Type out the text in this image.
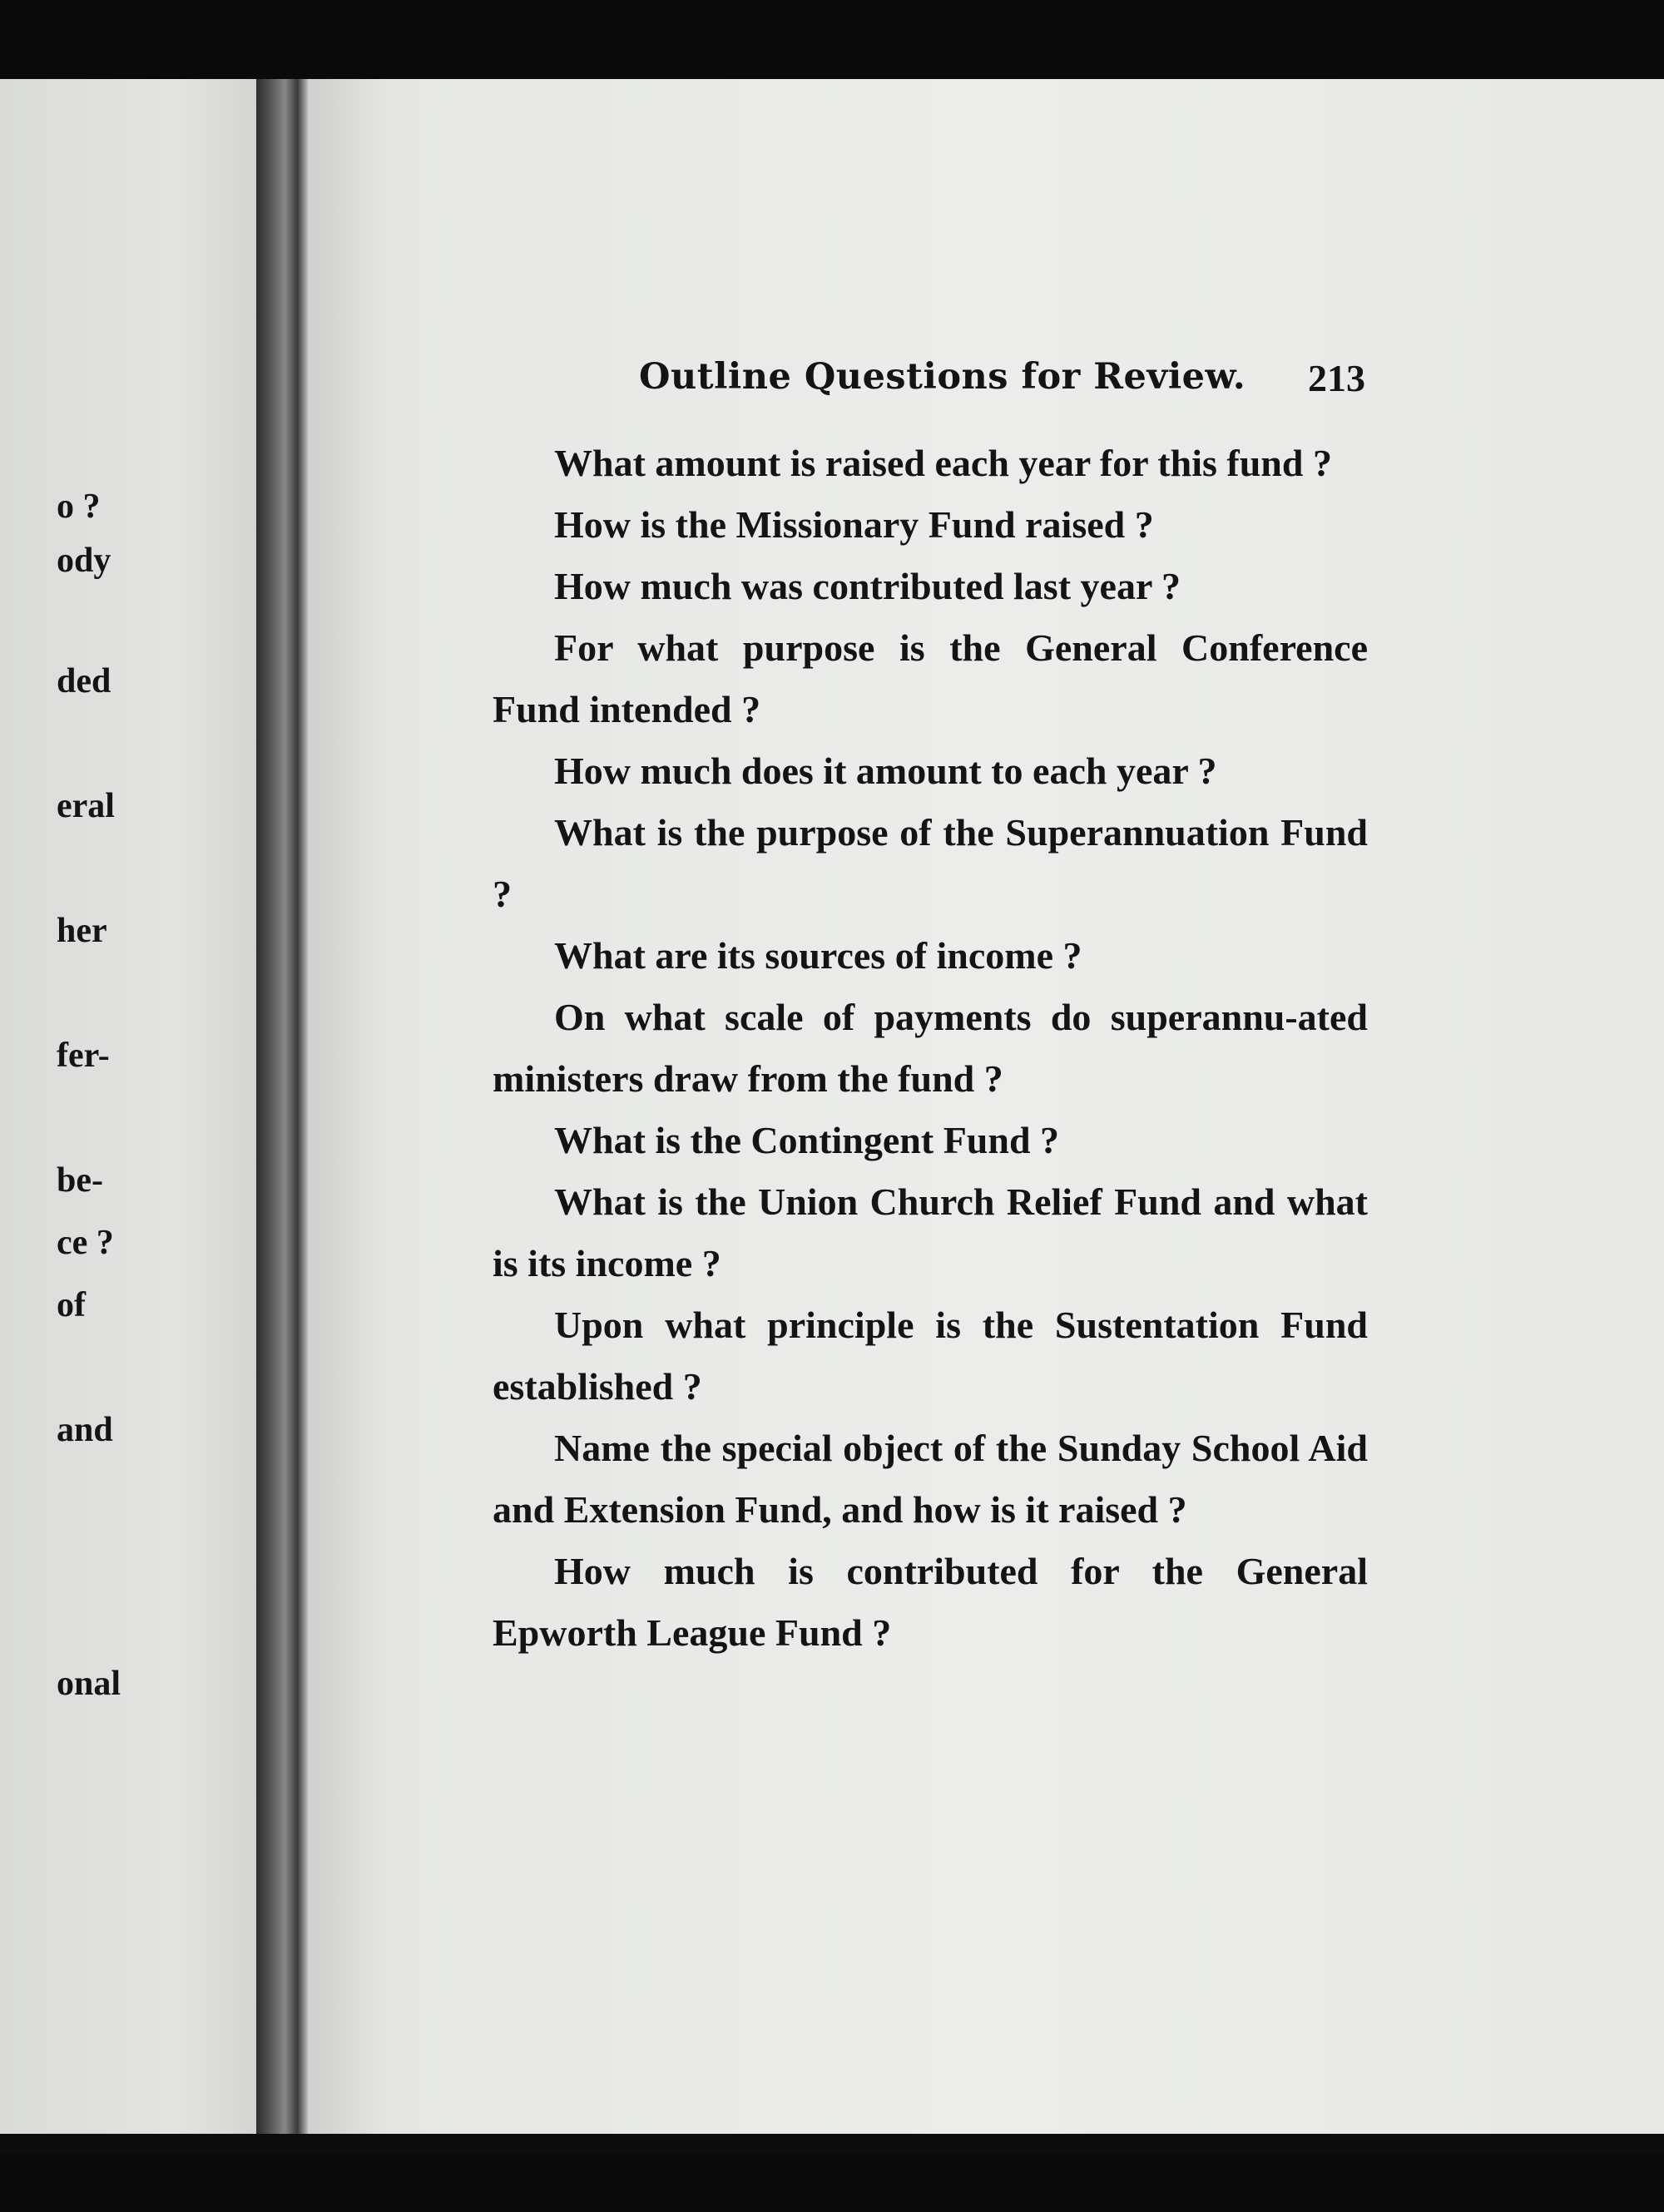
o ?
ody
ded
eral
her
fer-
be-
ce ?
of
and
onal
Outline Questions for Review. 213

What amount is raised each year for this fund ?

How is the Missionary Fund raised ?

How much was contributed last year ?

For what purpose is the General Conference Fund intended ?

How much does it amount to each year ?

What is the purpose of the Superannuation Fund ?

What are its sources of income ?

On what scale of payments do superannu-ated ministers draw from the fund ?

What is the Contingent Fund ?

What is the Union Church Relief Fund and what is its income ?

Upon what principle is the Sustentation Fund established ?

Name the special object of the Sunday School Aid and Extension Fund, and how is it raised ?

How much is contributed for the General Epworth League Fund ?
